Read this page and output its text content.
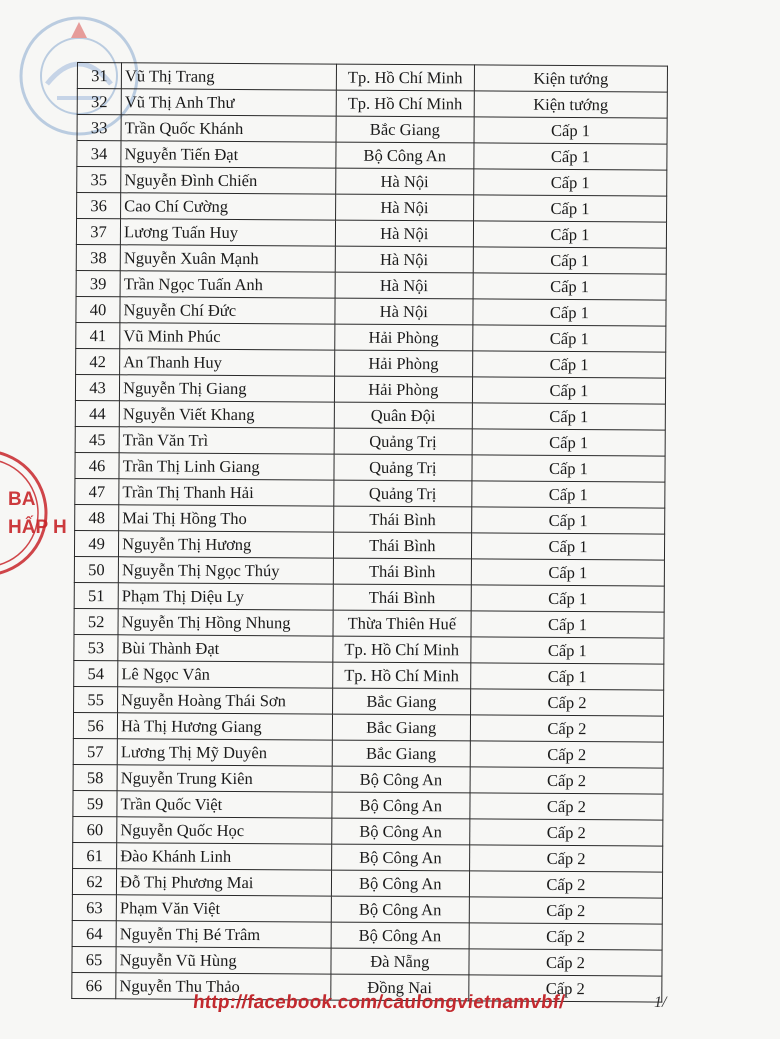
BA
HẤP H
31	Vũ Thị Trang	Tp. Hồ Chí Minh	Kiện tướng
32	Vũ Thị Anh Thư	Tp. Hồ Chí Minh	Kiện tướng
33	Trần Quốc Khánh	Bắc Giang	Cấp 1
34	Nguyễn Tiến Đạt	Bộ Công An	Cấp 1
35	Nguyễn Đình Chiến	Hà Nội	Cấp 1
36	Cao Chí Cường	Hà Nội	Cấp 1
37	Lương Tuấn Huy	Hà Nội	Cấp 1
38	Nguyễn Xuân Mạnh	Hà Nội	Cấp 1
39	Trần Ngọc Tuấn Anh	Hà Nội	Cấp 1
40	Nguyễn Chí Đức	Hà Nội	Cấp 1
41	Vũ Minh Phúc	Hải Phòng	Cấp 1
42	An Thanh Huy	Hải Phòng	Cấp 1
43	Nguyễn Thị Giang	Hải Phòng	Cấp 1
44	Nguyễn Viết Khang	Quân Đội	Cấp 1
45	Trần Văn Trì	Quảng Trị	Cấp 1
46	Trần Thị Linh Giang	Quảng Trị	Cấp 1
47	Trần Thị Thanh Hải	Quảng Trị	Cấp 1
48	Mai Thị Hồng Tho	Thái Bình	Cấp 1
49	Nguyễn Thị Hương	Thái Bình	Cấp 1
50	Nguyễn Thị Ngọc Thúy	Thái Bình	Cấp 1
51	Phạm Thị Diệu Ly	Thái Bình	Cấp 1
52	Nguyễn Thị Hồng Nhung	Thừa Thiên Huế	Cấp 1
53	Bùi Thành Đạt	Tp. Hồ Chí Minh	Cấp 1
54	Lê Ngọc Vân	Tp. Hồ Chí Minh	Cấp 1
55	Nguyễn Hoàng Thái Sơn	Bắc Giang	Cấp 2
56	Hà Thị Hương Giang	Bắc Giang	Cấp 2
57	Lương Thị Mỹ Duyên	Bắc Giang	Cấp 2
58	Nguyễn Trung Kiên	Bộ Công An	Cấp 2
59	Trần Quốc Việt	Bộ Công An	Cấp 2
60	Nguyễn Quốc Học	Bộ Công An	Cấp 2
61	Đào Khánh Linh	Bộ Công An	Cấp 2
62	Đỗ Thị Phương Mai	Bộ Công An	Cấp 2
63	Phạm Văn Việt	Bộ Công An	Cấp 2
64	Nguyễn Thị Bé Trâm	Bộ Công An	Cấp 2
65	Nguyễn Vũ Hùng	Đà Nẵng	Cấp 2
66	Nguyễn Thu Thảo	Đồng Nai	Cấp 2
http://facebook.com/caulongvietnamvbf/	1/
